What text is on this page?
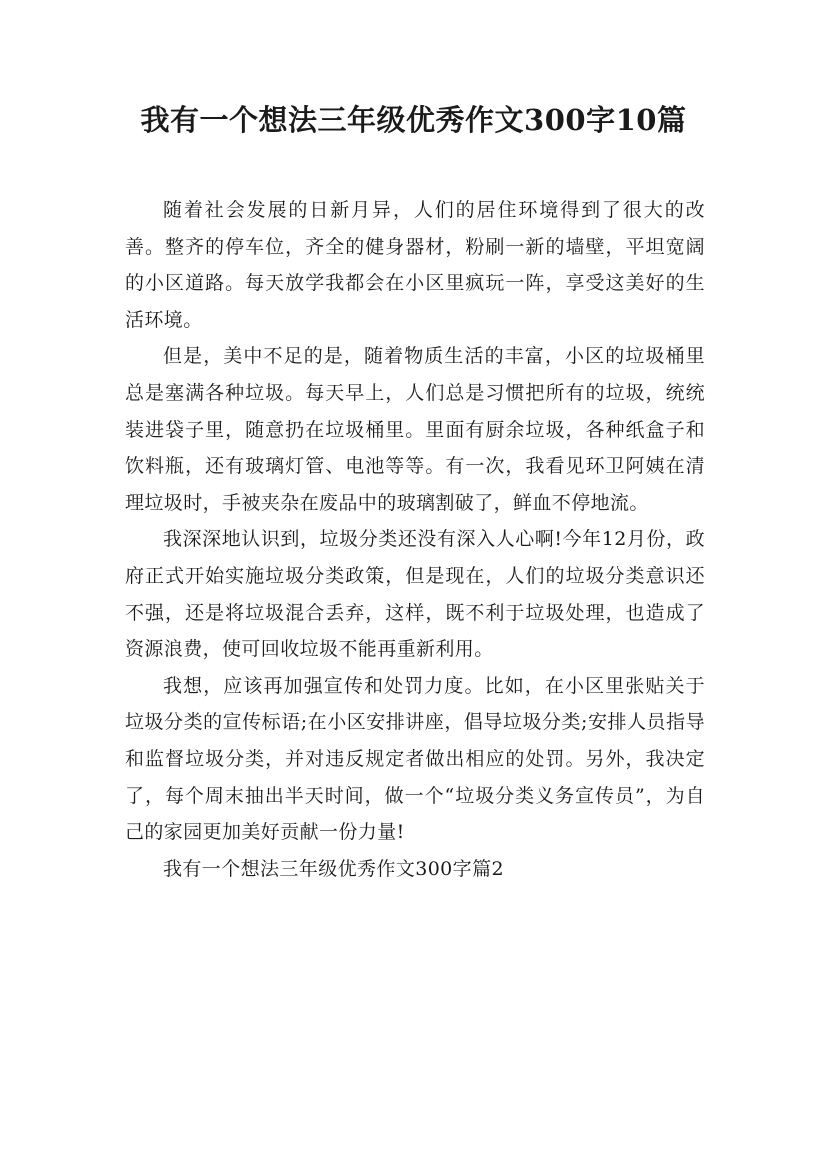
我有一个想法三年级优秀作文300字10篇

随着社会发展的日新月异，人们的居住环境得到了很大的改善。整齐的停车位，齐全的健身器材，粉刷一新的墙壁，平坦宽阔的小区道路。每天放学我都会在小区里疯玩一阵，享受这美好的生活环境。

但是，美中不足的是，随着物质生活的丰富，小区的垃圾桶里总是塞满各种垃圾。每天早上，人们总是习惯把所有的垃圾，统统装进袋子里，随意扔在垃圾桶里。里面有厨余垃圾，各种纸盒子和饮料瓶，还有玻璃灯管、电池等等。有一次，我看见环卫阿姨在清理垃圾时，手被夹杂在废品中的玻璃割破了，鲜血不停地流。

我深深地认识到，垃圾分类还没有深入人心啊!今年12月份，政府正式开始实施垃圾分类政策，但是现在，人们的垃圾分类意识还不强，还是将垃圾混合丢弃，这样，既不利于垃圾处理，也造成了资源浪费，使可回收垃圾不能再重新利用。

我想，应该再加强宣传和处罚力度。比如，在小区里张贴关于垃圾分类的宣传标语;在小区安排讲座，倡导垃圾分类;安排人员指导和监督垃圾分类，并对违反规定者做出相应的处罚。另外，我决定了，每个周末抽出半天时间，做一个“垃圾分类义务宣传员”，为自己的家园更加美好贡献一份力量!

我有一个想法三年级优秀作文300字篇2
